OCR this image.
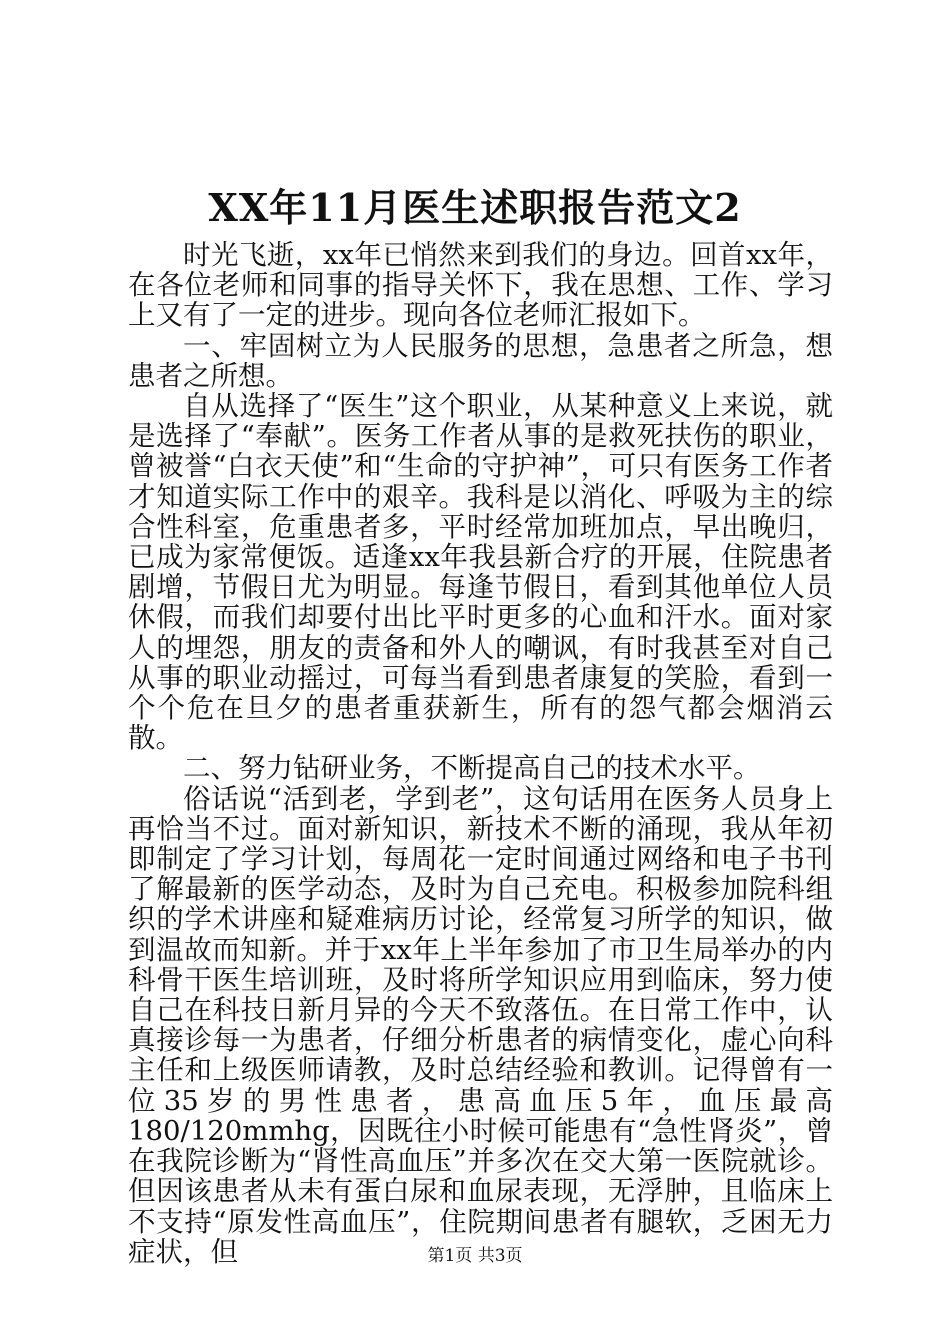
XX年11月医生述职报告范文2

时光飞逝，xx年已悄然来到我们的身边。回首xx年，在各位老师和同事的指导关怀下，我在思想、工作、学习上又有了一定的进步。现向各位老师汇报如下。

一、牢固树立为人民服务的思想，急患者之所急，想患者之所想。

自从选择了“医生”这个职业，从某种意义上来说，就是选择了“奉献”。医务工作者从事的是救死扶伤的职业，曾被誉“白衣天使”和“生命的守护神”，可只有医务工作者才知道实际工作中的艰辛。我科是以消化、呼吸为主的综合性科室，危重患者多，平时经常加班加点，早出晚归，已成为家常便饭。适逢xx年我县新合疗的开展，住院患者剧增，节假日尤为明显。每逢节假日，看到其他单位人员休假，而我们却要付出比平时更多的心血和汗水。面对家人的埋怨，朋友的责备和外人的嘲讽，有时我甚至对自己从事的职业动摇过，可每当看到患者康复的笑脸，看到一个个危在旦夕的患者重获新生，所有的怨气都会烟消云散。

二、努力钻研业务，不断提高自己的技术水平。

俗话说“活到老，学到老”，这句话用在医务人员身上再恰当不过。面对新知识，新技术不断的涌现，我从年初即制定了学习计划，每周花一定时间通过网络和电子书刊了解最新的医学动态，及时为自己充电。积极参加院科组织的学术讲座和疑难病历讨论，经常复习所学的知识，做到温故而知新。并于xx年上半年参加了市卫生局举办的内科骨干医生培训班，及时将所学知识应用到临床，努力使自己在科技日新月异的今天不致落伍。在日常工作中，认真接诊每一为患者，仔细分析患者的病情变化，虚心向科主任和上级医师请教，及时总结经验和教训。记得曾有一位35岁的男性患者，患高血压5年，血压最高180/120mmhg，因既往小时候可能患有“急性肾炎”，曾在我院诊断为“肾性高血压”并多次在交大第一医院就诊。但因该患者从未有蛋白尿和血尿表现，无浮肿，且临床上不支持“原发性高血压”，住院期间患者有腿软，乏困无力症状，但	第1页 共3页
